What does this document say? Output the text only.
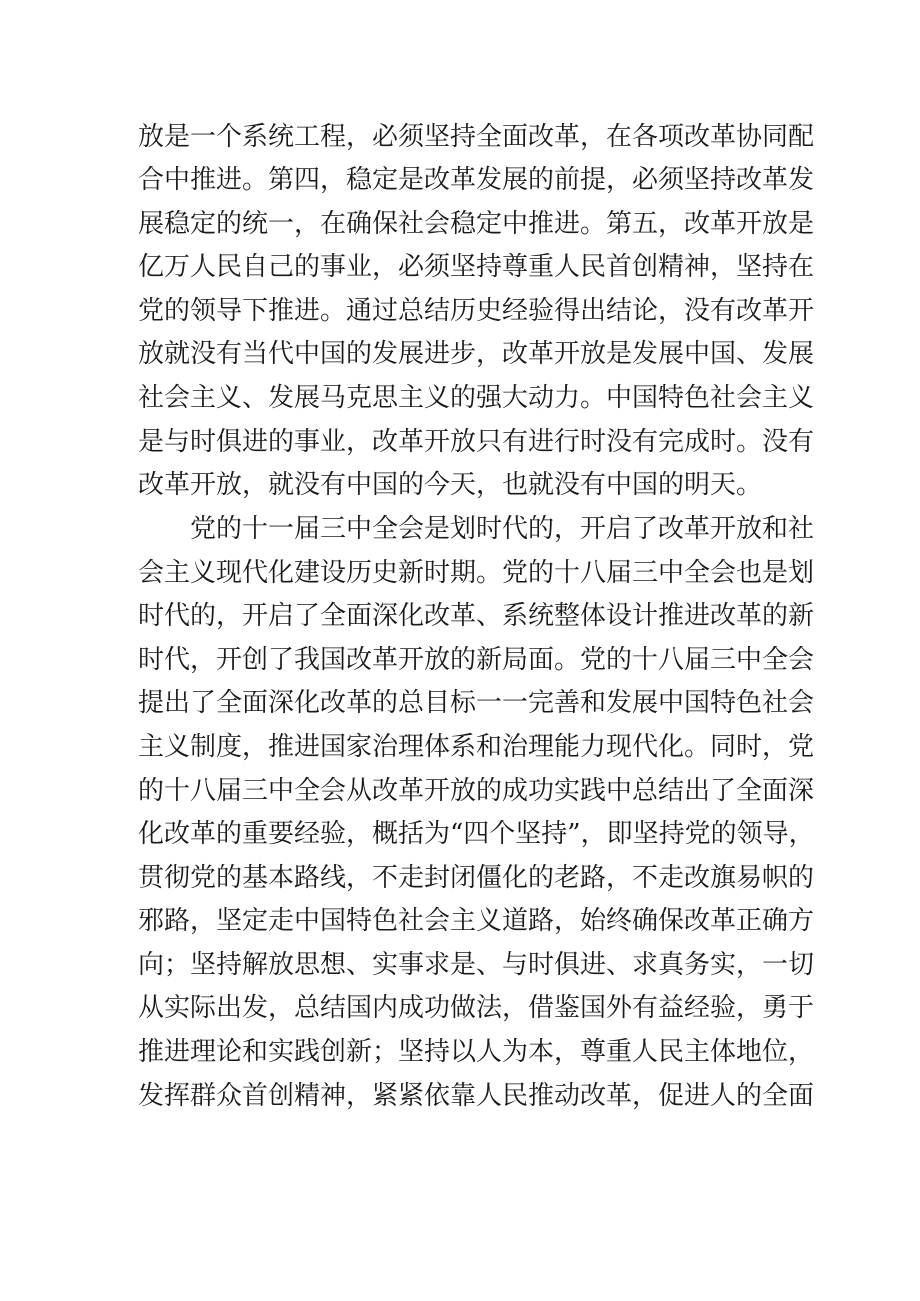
放是一个系统工程，必须坚持全面改革，在各项改革协同配
合中推进。第四，稳定是改革发展的前提，必须坚持改革发
展稳定的统一，在确保社会稳定中推进。第五，改革开放是
亿万人民自己的事业，必须坚持尊重人民首创精神，坚持在
党的领导下推进。通过总结历史经验得出结论，没有改革开
放就没有当代中国的发展进步，改革开放是发展中国、发展
社会主义、发展马克思主义的强大动力。中国特色社会主义
是与时俱进的事业，改革开放只有进行时没有完成时。没有
改革开放，就没有中国的今天，也就没有中国的明天。
党的十一届三中全会是划时代的，开启了改革开放和社
会主义现代化建设历史新时期。党的十八届三中全会也是划
时代的，开启了全面深化改革、系统整体设计推进改革的新
时代，开创了我国改革开放的新局面。党的十八届三中全会
提出了全面深化改革的总目标一一完善和发展中国特色社会
主义制度，推进国家治理体系和治理能力现代化。同时，党
的十八届三中全会从改革开放的成功实践中总结出了全面深
化改革的重要经验，概括为“四个坚持”，即坚持党的领导，
贯彻党的基本路线，不走封闭僵化的老路，不走改旗易帜的
邪路，坚定走中国特色社会主义道路，始终确保改革正确方
向；坚持解放思想、实事求是、与时俱进、求真务实，一切
从实际出发，总结国内成功做法，借鉴国外有益经验，勇于
推进理论和实践创新；坚持以人为本，尊重人民主体地位，
发挥群众首创精神，紧紧依靠人民推动改革，促进人的全面
